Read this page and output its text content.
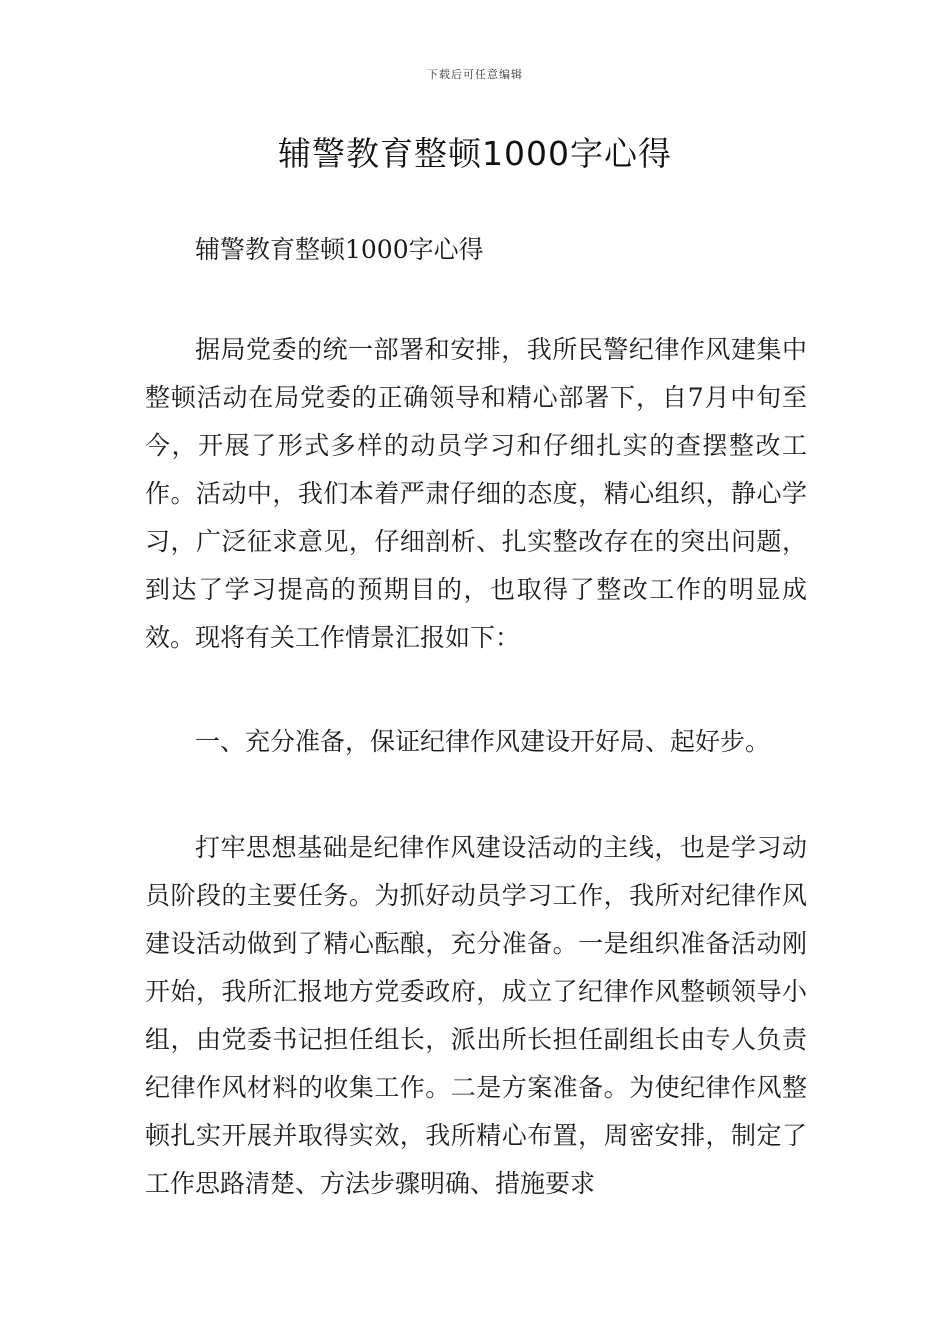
下载后可任意编辑
辅警教育整顿1000字心得

辅警教育整顿1000字心得

据局党委的统一部署和安排，我所民警纪律作风建集中整顿活动在局党委的正确领导和精心部署下，自7月中旬至今，开展了形式多样的动员学习和仔细扎实的查摆整改工作。活动中，我们本着严肃仔细的态度，精心组织，静心学习，广泛征求意见，仔细剖析、扎实整改存在的突出问题，到达了学习提高的预期目的，也取得了整改工作的明显成效。现将有关工作情景汇报如下：

一、充分准备，保证纪律作风建设开好局、起好步。

打牢思想基础是纪律作风建设活动的主线，也是学习动员阶段的主要任务。为抓好动员学习工作，我所对纪律作风建设活动做到了精心酝酿，充分准备。一是组织准备活动刚开始，我所汇报地方党委政府，成立了纪律作风整顿领导小组，由党委书记担任组长，派出所长担任副组长由专人负责纪律作风材料的收集工作。二是方案准备。为使纪律作风整顿扎实开展并取得实效，我所精心布置，周密安排，制定了工作思路清楚、方法步骤明确、措施要求
